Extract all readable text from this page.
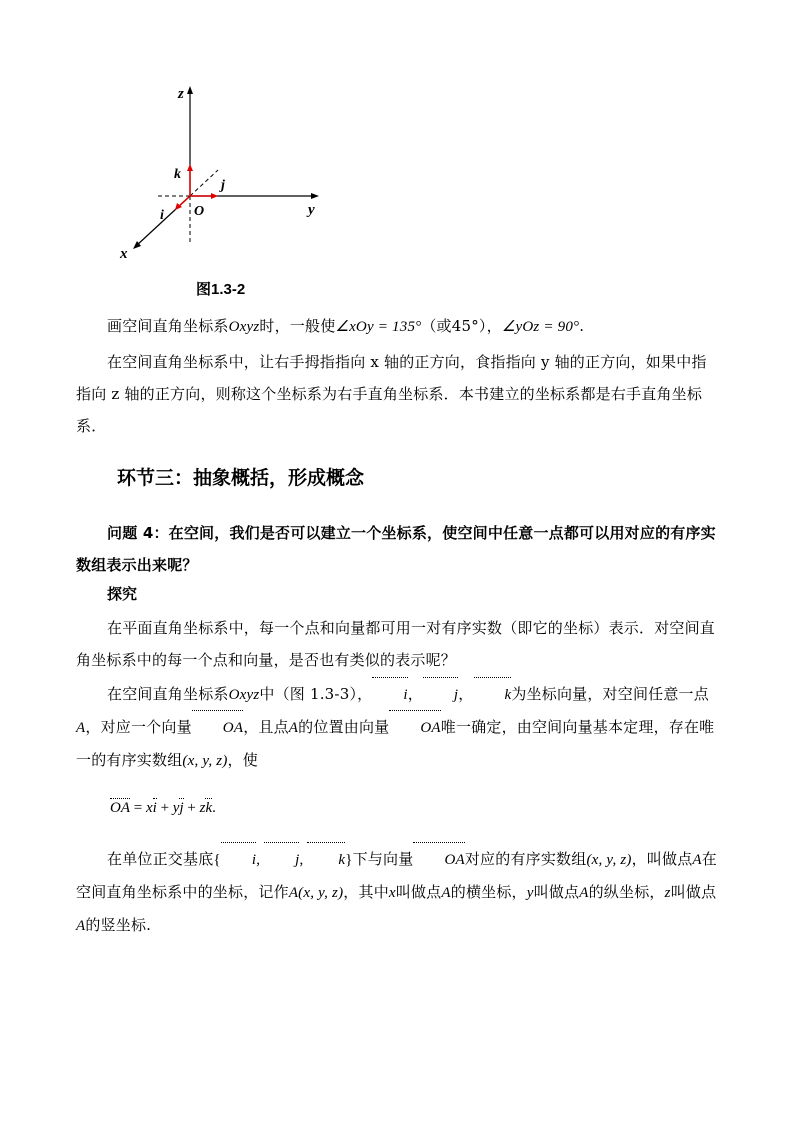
z
y
x
O
k
j
i
图1.3-2

画空间直角坐标系Oxyz时，一般使∠xOy = 135°（或45°），∠yOz = 90°.

在空间直角坐标系中，让右手拇指指向 x 轴的正方向，食指指向 y 轴的正方向，如果中指指向 z 轴的正方向，则称这个坐标系为右手直角坐标系．本书建立的坐标系都是右手直角坐标系．

环节三：抽象概括，形成概念

问题 4：在空间，我们是否可以建立一个坐标系，使空间中任意一点都可以用对应的有序实数组表示出来呢？

探究

在平面直角坐标系中，每一个点和向量都可用一对有序实数（即它的坐标）表示．对空间直角坐标系中的每一个点和向量，是否也有类似的表示呢？

在空间直角坐标系Oxyz中（图 1.3-3）， i， j， k为坐标向量，对空间任意一点A，对应一个向量 OA，且点A的位置由向量 OA唯一确定，由空间向量基本定理，存在唯一的有序实数组(x, y, z)，使

OA = xi + yj + zk.

在单位正交基底{ i, j, k}下与向量 OA对应的有序实数组(x, y, z)，叫做点A在空间直角坐标系中的坐标，记作A(x, y, z)，其中x叫做点A的横坐标，y叫做点A的纵坐标，z叫做点A的竖坐标.
